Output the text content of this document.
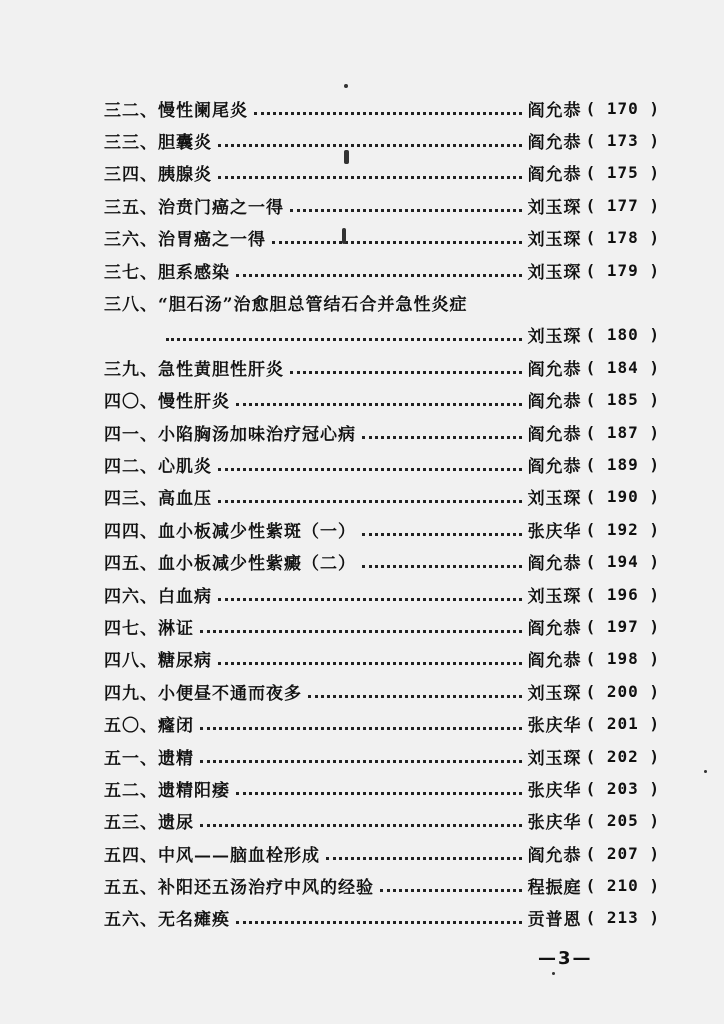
三二、 慢性阑尾炎	阎允恭 ( 170 )
三三、 胆囊炎	阎允恭 ( 173 )
三四、 胰腺炎	阎允恭 ( 175 )
三五、 治贲门癌之一得	刘玉琛 ( 177 )
三六、 治胃癌之一得	刘玉琛 ( 178 )
三七、 胆系感染	刘玉琛 ( 179 )
三八、 “胆石汤”治愈胆总管结石合并急性炎症
刘玉琛 ( 180 )
三九、 急性黄胆性肝炎	阎允恭 ( 184 )
四〇、 慢性肝炎	阎允恭 ( 185 )
四一、 小陷胸汤加味治疗冠心病	阎允恭 ( 187 )
四二、 心肌炎	阎允恭 ( 189 )
四三、 高血压	刘玉琛 ( 190 )
四四、 血小板减少性紫斑（一）	张庆华 ( 192 )
四五、 血小板减少性紫癜（二）	阎允恭 ( 194 )
四六、 白血病	刘玉琛 ( 196 )
四七、 淋证	阎允恭 ( 197 )
四八、 糖尿病	阎允恭 ( 198 )
四九、 小便昼不通而夜多	刘玉琛 ( 200 )
五〇、 癃闭	张庆华 ( 201 )
五一、 遗精	刘玉琛 ( 202 )
五二、 遗精阳痿	张庆华 ( 203 )
五三、 遗尿	张庆华 ( 205 )
五四、 中风——脑血栓形成	阎允恭 ( 207 )
五五、 补阳还五汤治疗中风的经验	程振庭 ( 210 )
五六、 无名瘫痪	贡普恩 ( 213 )
—3—
